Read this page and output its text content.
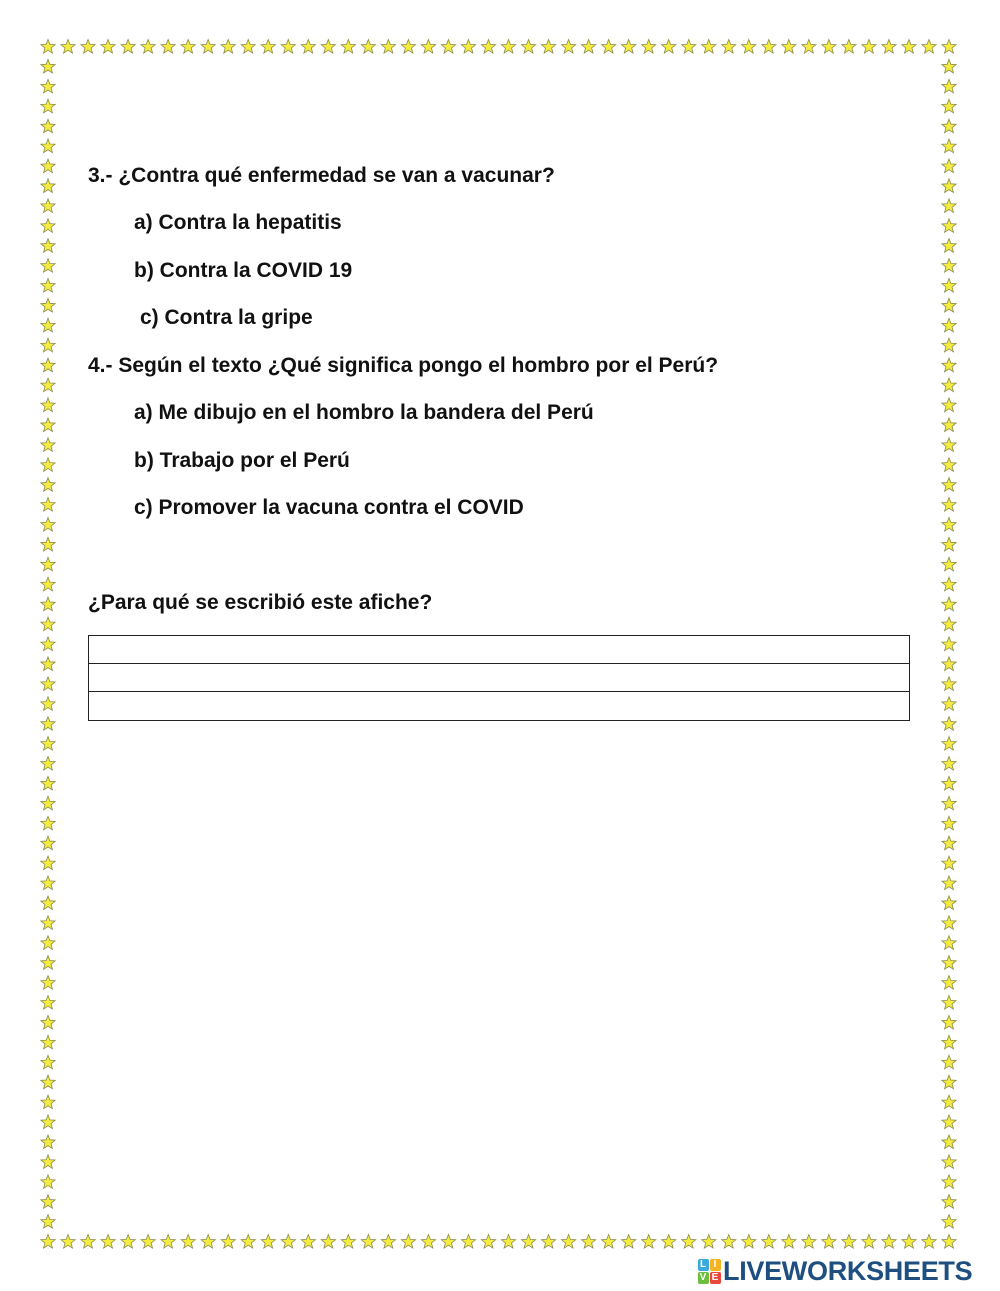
3.- ¿Contra qué enfermedad se van a vacunar?

a) Contra la hepatitis

b) Contra la COVID 19

c) Contra la gripe

4.- Según el texto ¿Qué significa pongo el hombro por el Perú?

a) Me dibujo en el hombro la bandera del Perú

b) Trabajo por el Perú

c) Promover la vacuna contra el COVID

¿Para qué se escribió este afiche?

L I
V E LIVEWORKSHEETS
